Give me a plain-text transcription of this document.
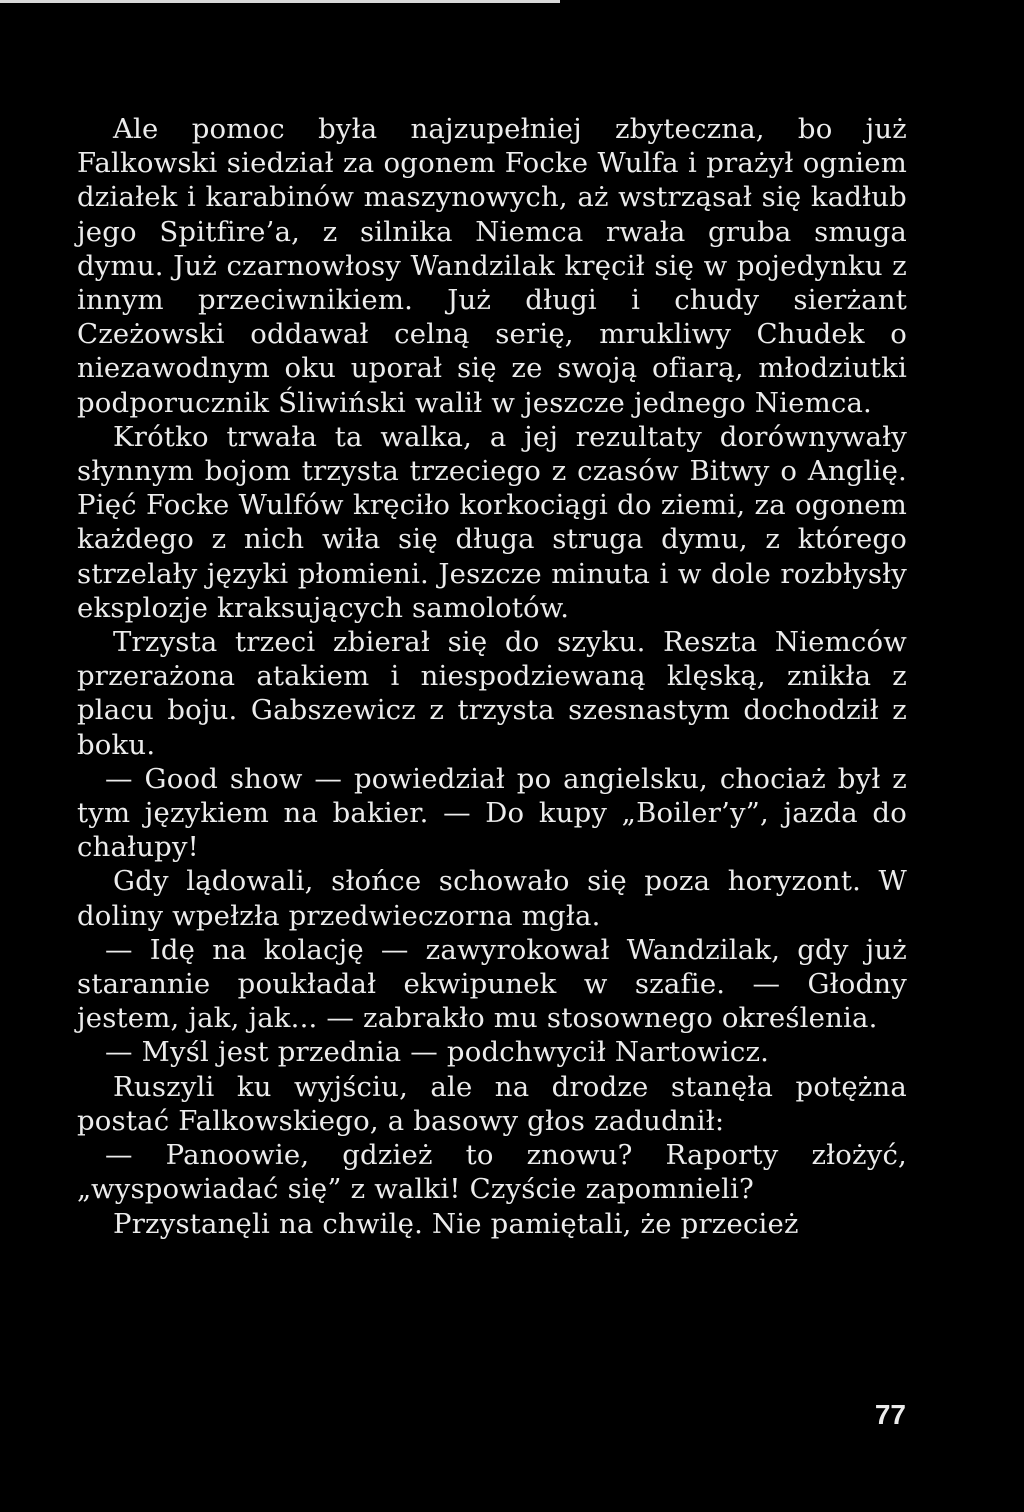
Ale pomoc była najzupełniej zbyteczna, bo już Falkowski siedział za ogonem Focke Wulfa i prażył ogniem działek i karabinów maszynowych, aż wstrząsał się kadłub jego Spitfire’a, z silnika Niemca rwała gruba smuga dymu. Już czarnowłosy Wandzilak kręcił się w pojedynku z innym przeciwnikiem. Już długi i chudy sierżant Czeżowski oddawał celną serię, mrukliwy Chudek o niezawodnym oku uporał się ze swoją ofiarą, młodziutki podporucznik Śliwiński walił w jeszcze jednego Niemca.

Krótko trwała ta walka, a jej rezultaty dorównywały słynnym bojom trzysta trzeciego z czasów Bitwy o Anglię. Pięć Focke Wulfów kręciło korkociągi do ziemi, za ogonem każdego z nich wiła się długa struga dymu, z którego strzelały języki płomieni. Jeszcze minuta i w dole rozbłysły eksplozje kraksujących samolotów.

Trzysta trzeci zbierał się do szyku. Reszta Niemców przerażona atakiem i niespodziewaną klęską, znikła z placu boju. Gabszewicz z trzysta szesnastym dochodził z boku.

— Good show — powiedział po angielsku, chociaż był z tym językiem na bakier. — Do kupy „Boiler’y”, jazda do chałupy!

Gdy lądowali, słońce schowało się poza horyzont. W doliny wpełzła przedwieczorna mgła.

— Idę na kolację — zawyrokował Wandzilak, gdy już starannie poukładał ekwipunek w szafie. — Głodny jestem, jak, jak... — zabrakło mu stosownego określenia.

— Myśl jest przednia — podchwycił Nartowicz.

Ruszyli ku wyjściu, ale na drodze stanęła potężna postać Falkowskiego, a basowy głos zadudnił:

— Panoowie, gdzież to znowu? Raporty złożyć, „wyspowiadać się” z walki! Czyście zapomnieli?

Przystanęli na chwilę. Nie pamiętali, że przecież

77
